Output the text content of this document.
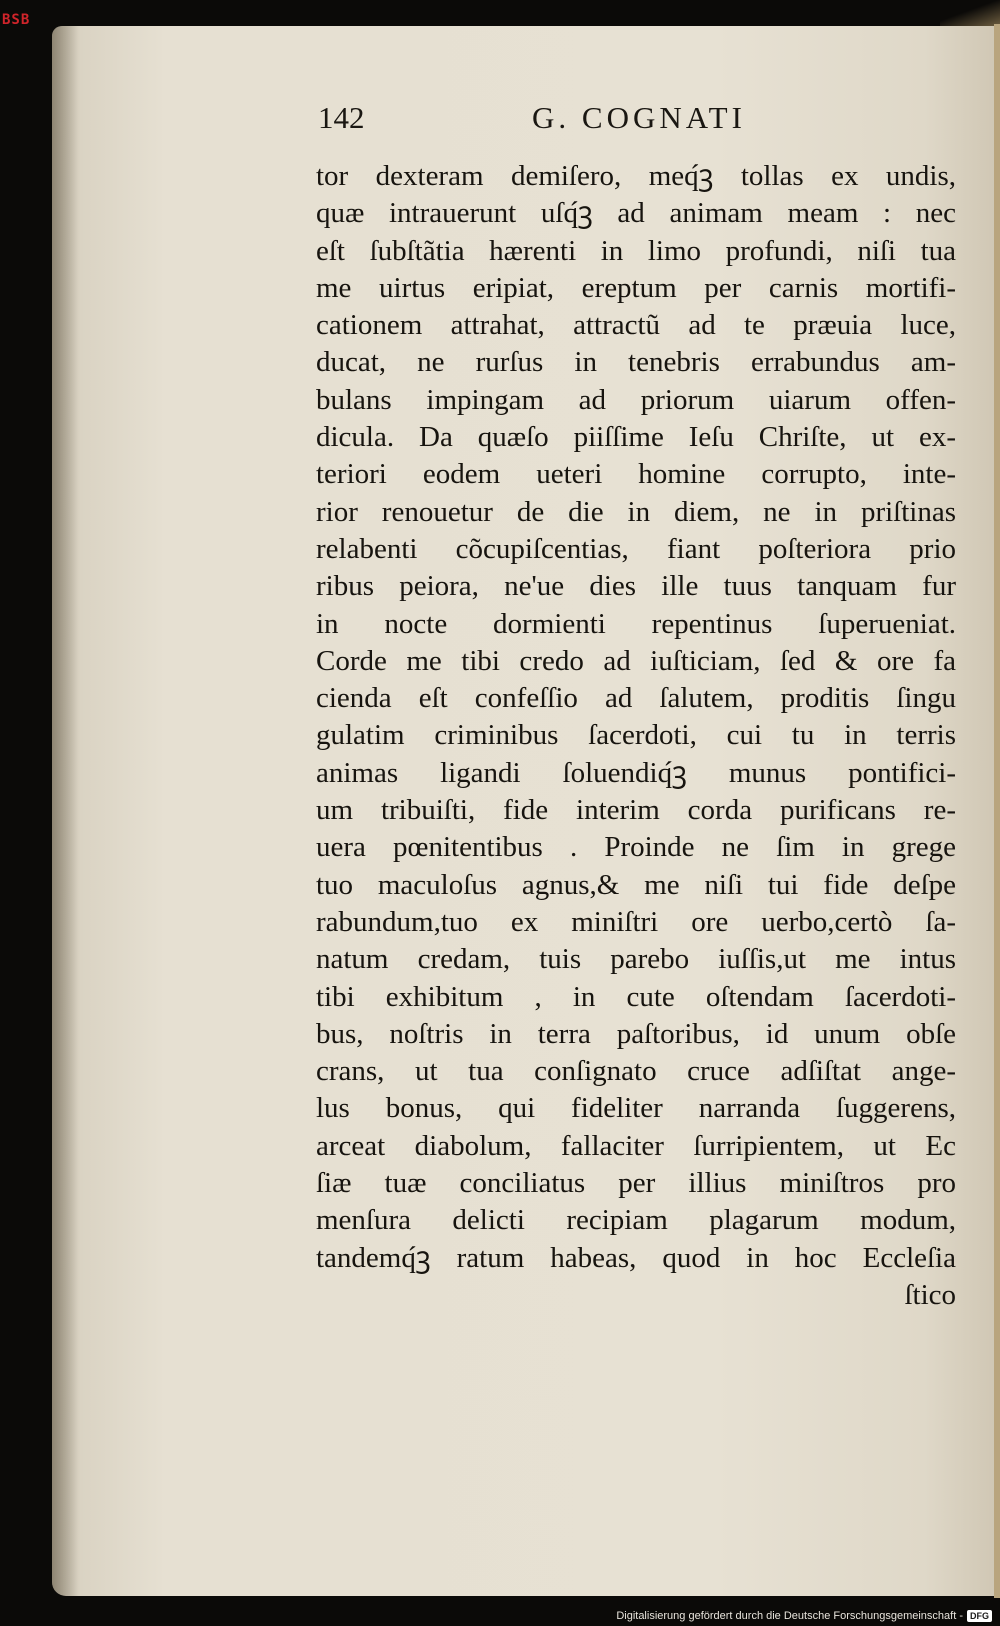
BSB
142	G. COGNATI
tor dexteram demiſero, meq́ꝫ tollas ex undis,
quæ intrauerunt uſq́ꝫ ad animam meam : nec
eſt ſubſtãtia hærenti in limo profundi, niſi tua
me uirtus eripiat, ereptum per carnis mortifi-
cationem attrahat, attractũ ad te præuia luce,
ducat, ne rurſus in tenebris errabundus am-
bulans impingam ad priorum uiarum offen-
dicula. Da quæſo piiſſime Ieſu Chriſte, ut ex-
teriori eodem ueteri homine corrupto, inte-
rior renouetur de die in diem, ne in priſtinas
relabenti cõcupiſcentias, fiant poſteriora prio
ribus peiora, ne'ue dies ille tuus tanquam fur
in nocte dormienti repentinus ſuperueniat.
Corde me tibi credo ad iuſticiam, ſed & ore fa
cienda eſt confeſſio ad ſalutem, proditis ſingu
gulatim criminibus ſacerdoti, cui tu in terris
animas ligandi ſoluendiq́ꝫ munus pontifici-
um tribuiſti, fide interim corda purificans re-
uera pœnitentibus . Proinde ne ſim in grege
tuo maculoſus agnus,& me niſi tui fide deſpe
rabundum,tuo ex miniſtri ore uerbo,certò ſa-
natum credam, tuis parebo iuſſis,ut me intus
tibi exhibitum , in cute oſtendam ſacerdoti-
bus, noſtris in terra paſtoribus, id unum obſe
crans, ut tua conſignato cruce adſiſtat ange-
lus bonus, qui fideliter narranda ſuggerens,
arceat diabolum, fallaciter ſurripientem, ut Ec
ſiæ tuæ conciliatus per illius miniſtros pro
menſura delicti recipiam plagarum modum,
tandemq́ꝫ ratum habeas, quod in hoc Eccleſia
ſtico
Digitalisierung gefördert durch die Deutsche Forschungsgemeinschaft - DFG
